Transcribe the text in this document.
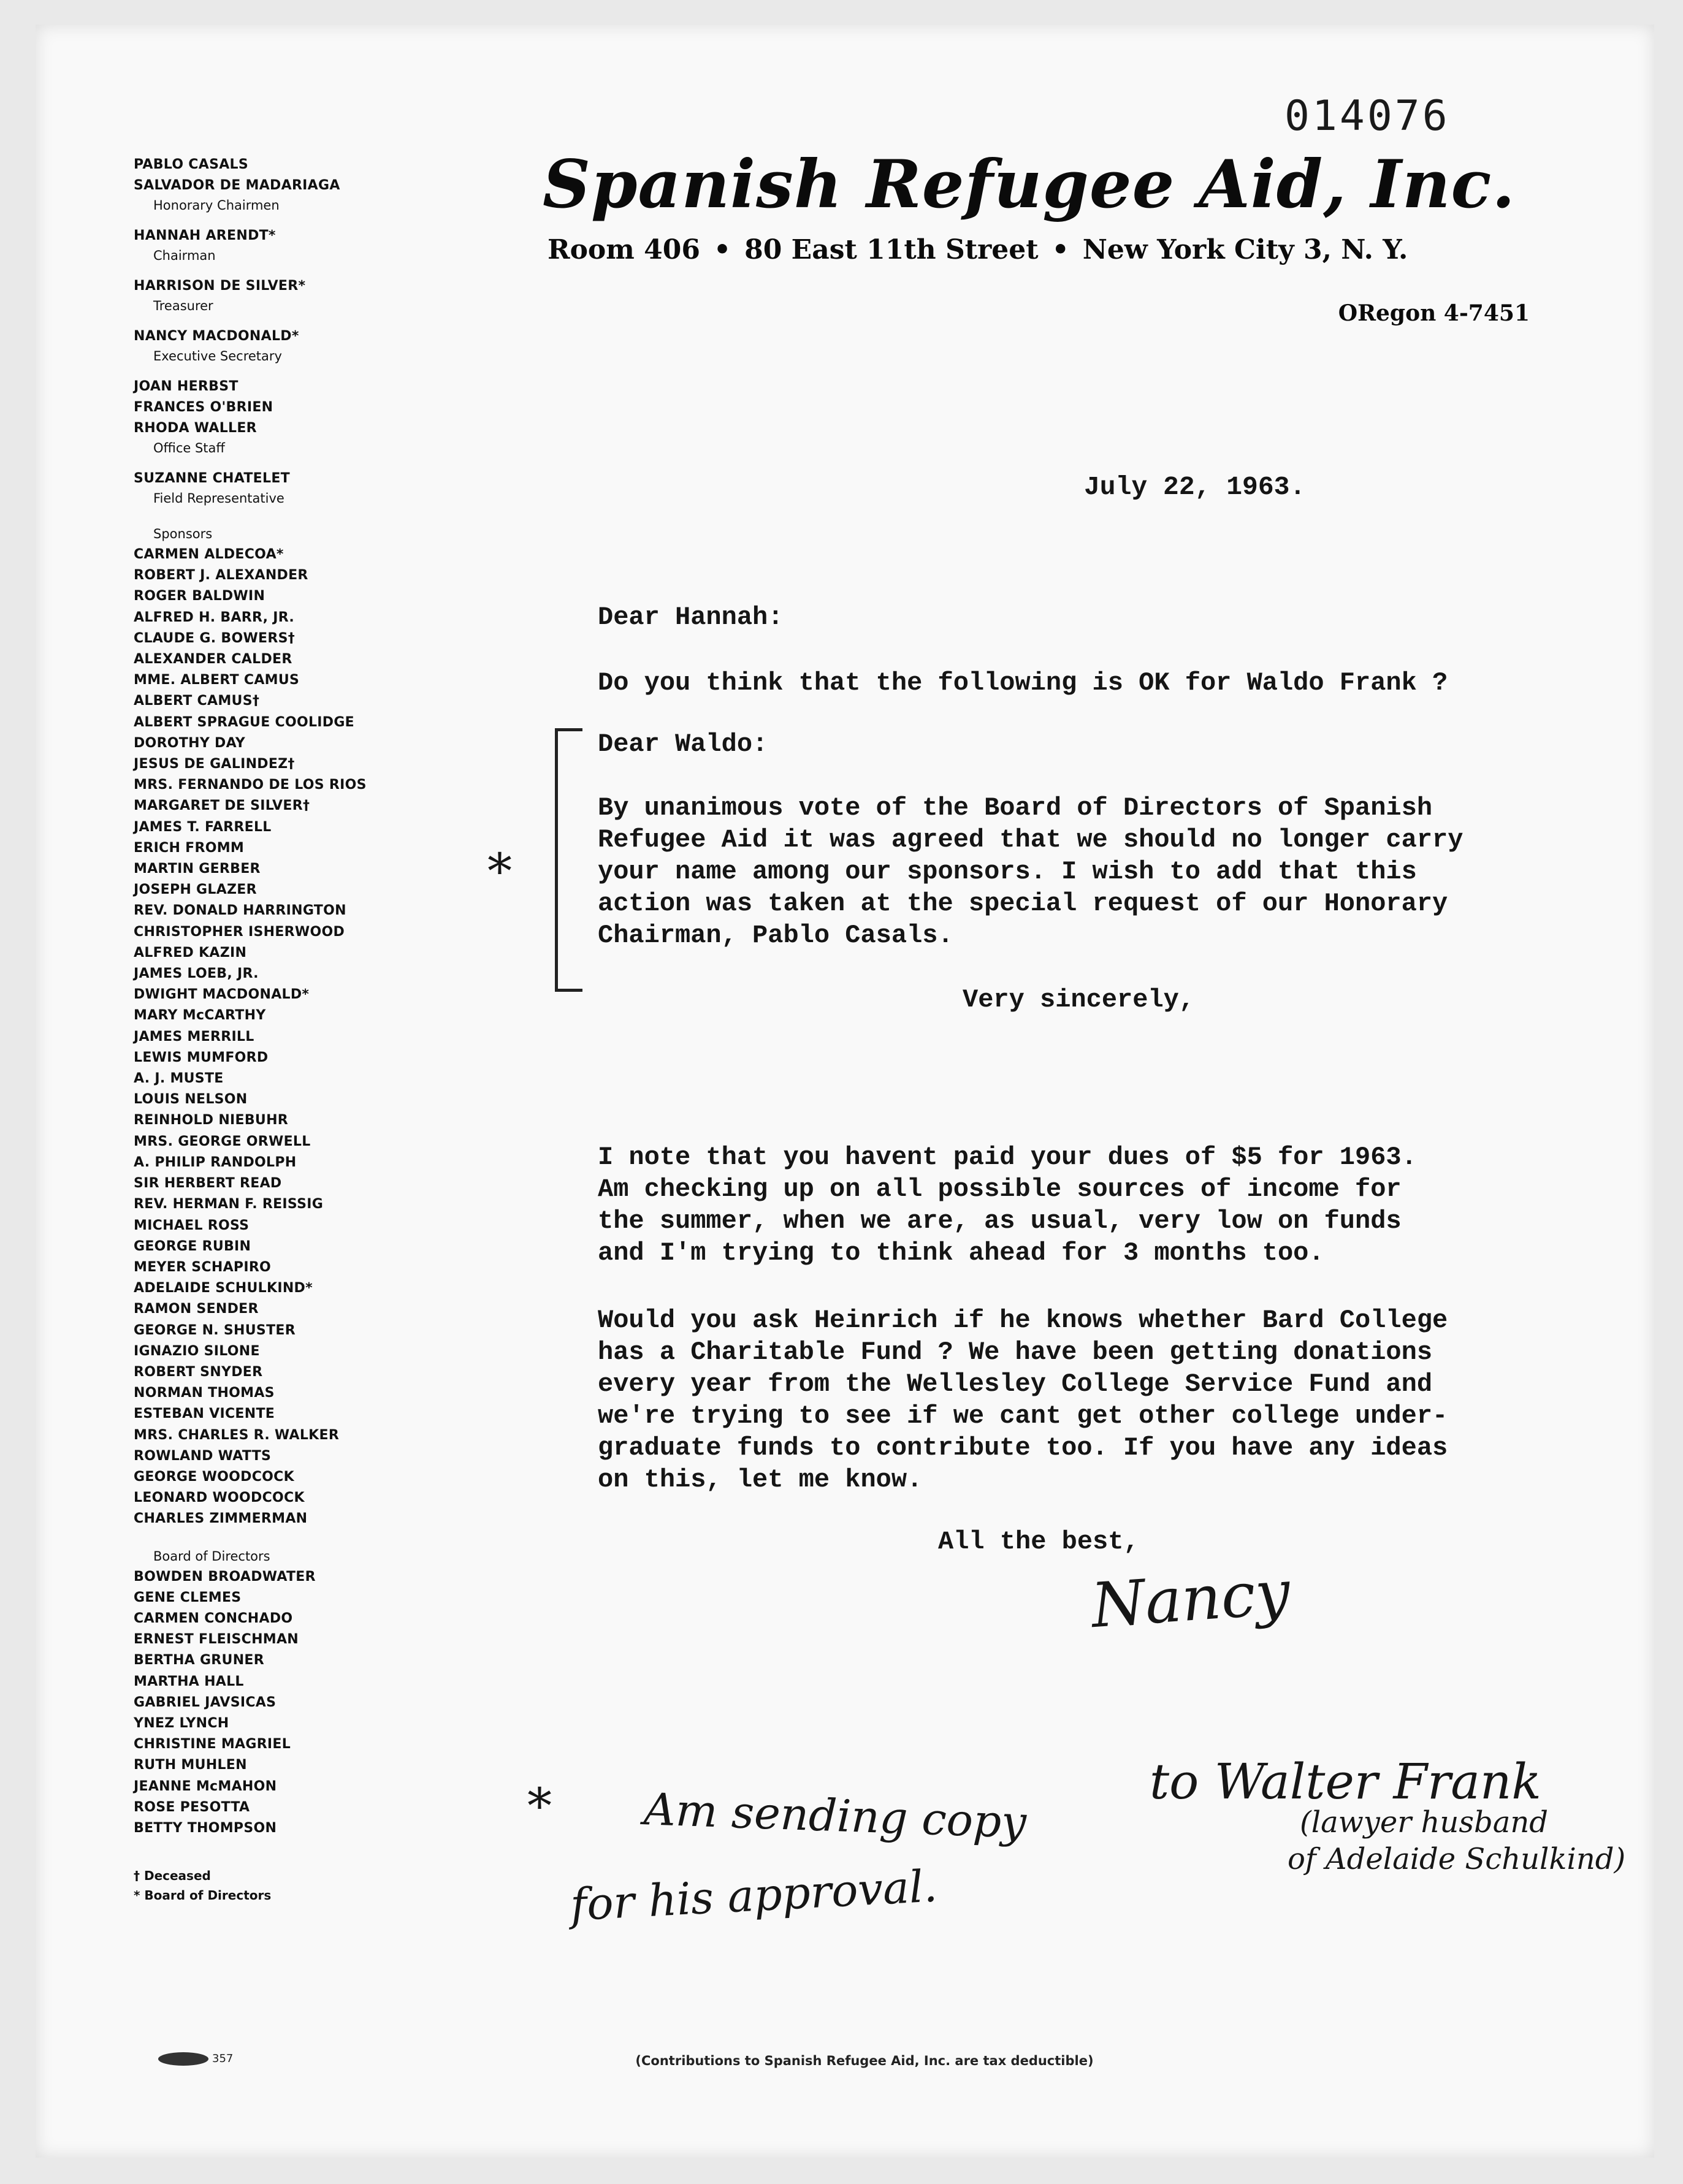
014076
Spanish Refugee Aid, Inc.
Room 406 • 80 East 11th Street • New York City 3, N. Y.
ORegon 4-7451
PABLO CASALS
SALVADOR DE MADARIAGA
Honorary Chairmen
HANNAH ARENDT*
Chairman
HARRISON DE SILVER*
Treasurer
NANCY MACDONALD*
Executive Secretary
JOAN HERBST
FRANCES O'BRIEN
RHODA WALLER
Office Staff
SUZANNE CHATELET
Field Representative
Sponsors
CARMEN ALDECOA*
ROBERT J. ALEXANDER
ROGER BALDWIN
ALFRED H. BARR, JR.
CLAUDE G. BOWERS†
ALEXANDER CALDER
MME. ALBERT CAMUS
ALBERT CAMUS†
ALBERT SPRAGUE COOLIDGE
DOROTHY DAY
JESUS DE GALINDEZ†
MRS. FERNANDO DE LOS RIOS
MARGARET DE SILVER†
JAMES T. FARRELL
ERICH FROMM
MARTIN GERBER
JOSEPH GLAZER
REV. DONALD HARRINGTON
CHRISTOPHER ISHERWOOD
ALFRED KAZIN
JAMES LOEB, JR.
DWIGHT MACDONALD*
MARY McCARTHY
JAMES MERRILL
LEWIS MUMFORD
A. J. MUSTE
LOUIS NELSON
REINHOLD NIEBUHR
MRS. GEORGE ORWELL
A. PHILIP RANDOLPH
SIR HERBERT READ
REV. HERMAN F. REISSIG
MICHAEL ROSS
GEORGE RUBIN
MEYER SCHAPIRO
ADELAIDE SCHULKIND*
RAMON SENDER
GEORGE N. SHUSTER
IGNAZIO SILONE
ROBERT SNYDER
NORMAN THOMAS
ESTEBAN VICENTE
MRS. CHARLES R. WALKER
ROWLAND WATTS
GEORGE WOODCOCK
LEONARD WOODCOCK
CHARLES ZIMMERMAN
Board of Directors
BOWDEN BROADWATER
GENE CLEMES
CARMEN CONCHADO
ERNEST FLEISCHMAN
BERTHA GRUNER
MARTHA HALL
GABRIEL JAVSICAS
YNEZ LYNCH
CHRISTINE MAGRIEL
RUTH MUHLEN
JEANNE McMAHON
ROSE PESOTTA
BETTY THOMPSON
† Deceased
* Board of Directors
357
July 22, 1963.
Dear Hannah:
Do you think that the following is OK for Waldo Frank ?
*
Dear Waldo:
By unanimous vote of the Board of Directors of Spanish
Refugee Aid it was agreed that we should no longer carry
your name among our sponsors. I wish to add that this
action was taken at the special request of our Honorary
Chairman, Pablo Casals.
Very sincerely,
I note that you havent paid your dues of $5 for 1963.
Am checking up on all possible sources of income for
the summer, when we are, as usual, very low on funds
and I'm trying to think ahead for 3 months too.
Would you ask Heinrich if he knows whether Bard College
has a Charitable Fund ? We have been getting donations
every year from the Wellesley College Service Fund and
we're trying to see if we cant get other college under-
graduate funds to contribute too. If you have any ideas
on this, let me know.
All the best,
Nancy
* Am sending copy
to Walter Frank
(lawyer husband
of Adelaide Schulkind)
for his approval.
(Contributions to Spanish Refugee Aid, Inc. are tax deductible)
